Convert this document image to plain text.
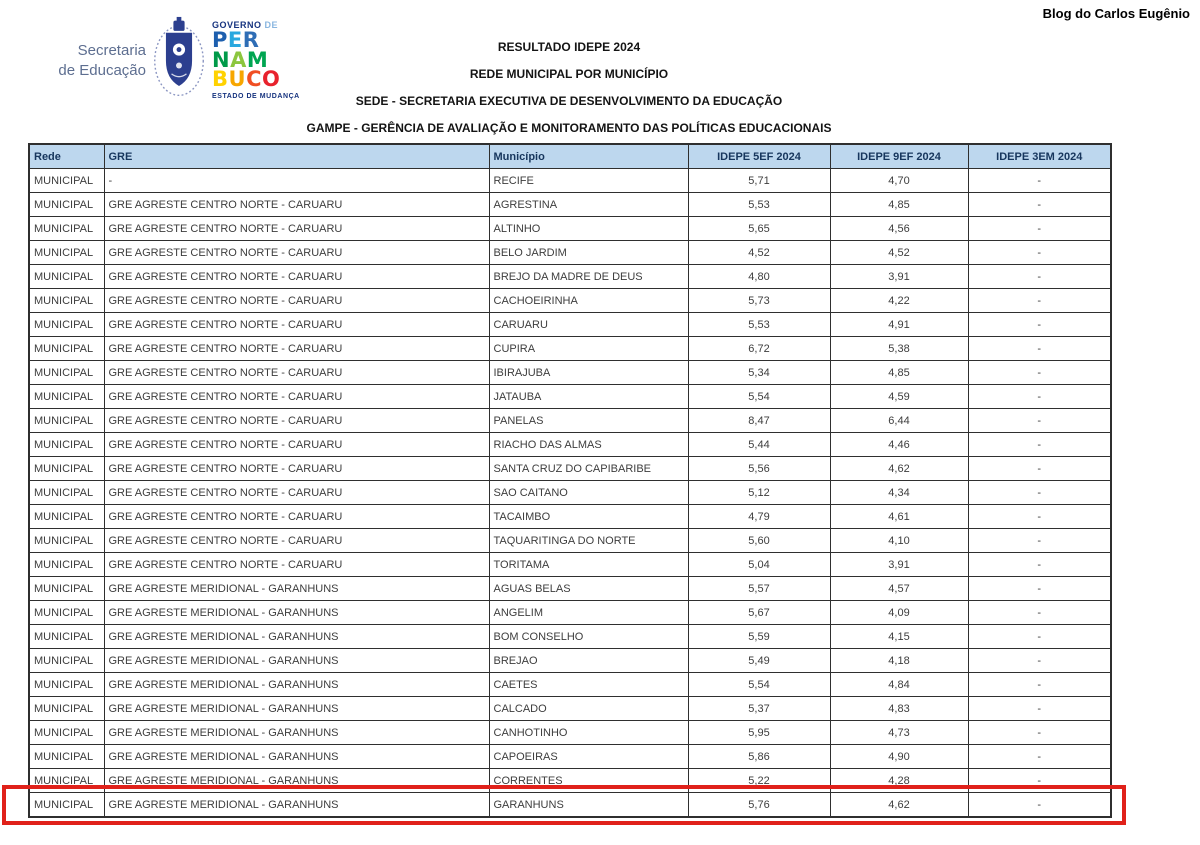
Blog do Carlos Eugênio
Secretaria
de Educação
GOVERNO DE
PER
NAM
BUCO
ESTADO DE MUDANÇA
RESULTADO IDEPE 2024
REDE MUNICIPAL POR MUNICÍPIO
SEDE - SECRETARIA EXECUTIVA DE DESENVOLVIMENTO DA EDUCAÇÃO
GAMPE - GERÊNCIA DE AVALIAÇÃO E MONITORAMENTO DAS POLÍTICAS EDUCACIONAIS
Rede	GRE	Município	IDEPE 5EF 2024	IDEPE 9EF 2024	IDEPE 3EM 2024
MUNICIPAL	-	RECIFE	5,71	4,70	-
MUNICIPAL	GRE AGRESTE CENTRO NORTE - CARUARU	AGRESTINA	5,53	4,85	-
MUNICIPAL	GRE AGRESTE CENTRO NORTE - CARUARU	ALTINHO	5,65	4,56	-
MUNICIPAL	GRE AGRESTE CENTRO NORTE - CARUARU	BELO JARDIM	4,52	4,52	-
MUNICIPAL	GRE AGRESTE CENTRO NORTE - CARUARU	BREJO DA MADRE DE DEUS	4,80	3,91	-
MUNICIPAL	GRE AGRESTE CENTRO NORTE - CARUARU	CACHOEIRINHA	5,73	4,22	-
MUNICIPAL	GRE AGRESTE CENTRO NORTE - CARUARU	CARUARU	5,53	4,91	-
MUNICIPAL	GRE AGRESTE CENTRO NORTE - CARUARU	CUPIRA	6,72	5,38	-
MUNICIPAL	GRE AGRESTE CENTRO NORTE - CARUARU	IBIRAJUBA	5,34	4,85	-
MUNICIPAL	GRE AGRESTE CENTRO NORTE - CARUARU	JATAUBA	5,54	4,59	-
MUNICIPAL	GRE AGRESTE CENTRO NORTE - CARUARU	PANELAS	8,47	6,44	-
MUNICIPAL	GRE AGRESTE CENTRO NORTE - CARUARU	RIACHO DAS ALMAS	5,44	4,46	-
MUNICIPAL	GRE AGRESTE CENTRO NORTE - CARUARU	SANTA CRUZ DO CAPIBARIBE	5,56	4,62	-
MUNICIPAL	GRE AGRESTE CENTRO NORTE - CARUARU	SAO CAITANO	5,12	4,34	-
MUNICIPAL	GRE AGRESTE CENTRO NORTE - CARUARU	TACAIMBO	4,79	4,61	-
MUNICIPAL	GRE AGRESTE CENTRO NORTE - CARUARU	TAQUARITINGA DO NORTE	5,60	4,10	-
MUNICIPAL	GRE AGRESTE CENTRO NORTE - CARUARU	TORITAMA	5,04	3,91	-
MUNICIPAL	GRE AGRESTE MERIDIONAL - GARANHUNS	AGUAS BELAS	5,57	4,57	-
MUNICIPAL	GRE AGRESTE MERIDIONAL - GARANHUNS	ANGELIM	5,67	4,09	-
MUNICIPAL	GRE AGRESTE MERIDIONAL - GARANHUNS	BOM CONSELHO	5,59	4,15	-
MUNICIPAL	GRE AGRESTE MERIDIONAL - GARANHUNS	BREJAO	5,49	4,18	-
MUNICIPAL	GRE AGRESTE MERIDIONAL - GARANHUNS	CAETES	5,54	4,84	-
MUNICIPAL	GRE AGRESTE MERIDIONAL - GARANHUNS	CALCADO	5,37	4,83	-
MUNICIPAL	GRE AGRESTE MERIDIONAL - GARANHUNS	CANHOTINHO	5,95	4,73	-
MUNICIPAL	GRE AGRESTE MERIDIONAL - GARANHUNS	CAPOEIRAS	5,86	4,90	-
MUNICIPAL	GRE AGRESTE MERIDIONAL - GARANHUNS	CORRENTES	5,22	4,28	-
MUNICIPAL	GRE AGRESTE MERIDIONAL - GARANHUNS	GARANHUNS	5,76	4,62	-
